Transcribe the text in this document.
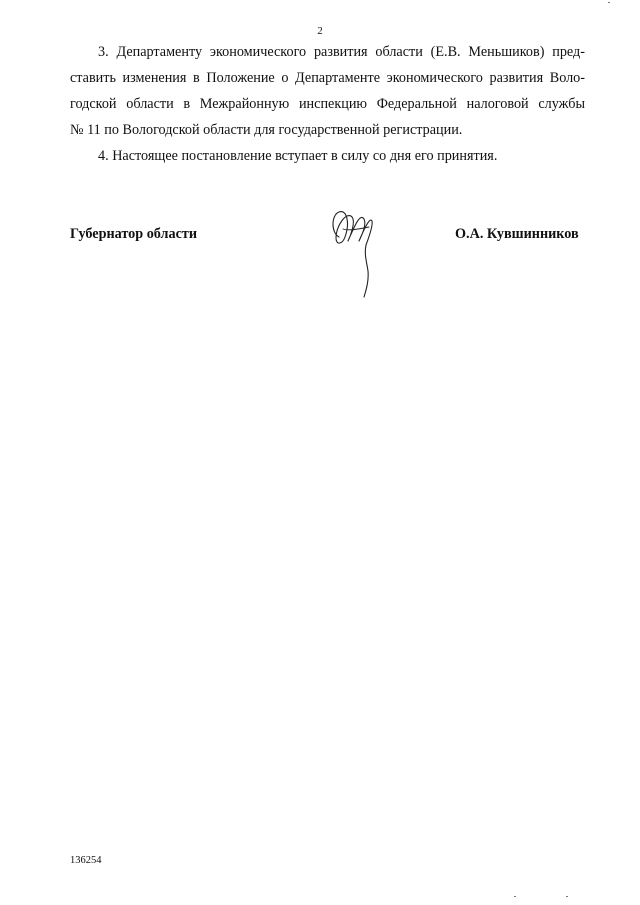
2

3. Департаменту экономического развития области (Е.В. Меньшиков) пред-
ставить изменения в Положение о Департаменте экономического развития Воло-
годской области в Межрайонную инспекцию Федеральной налоговой службы
№ 11 по Вологодской области для государственной регистрации.

4. Настоящее постановление вступает в силу со дня его принятия.

Губернатор области	О.А. Кувшинников
136254
